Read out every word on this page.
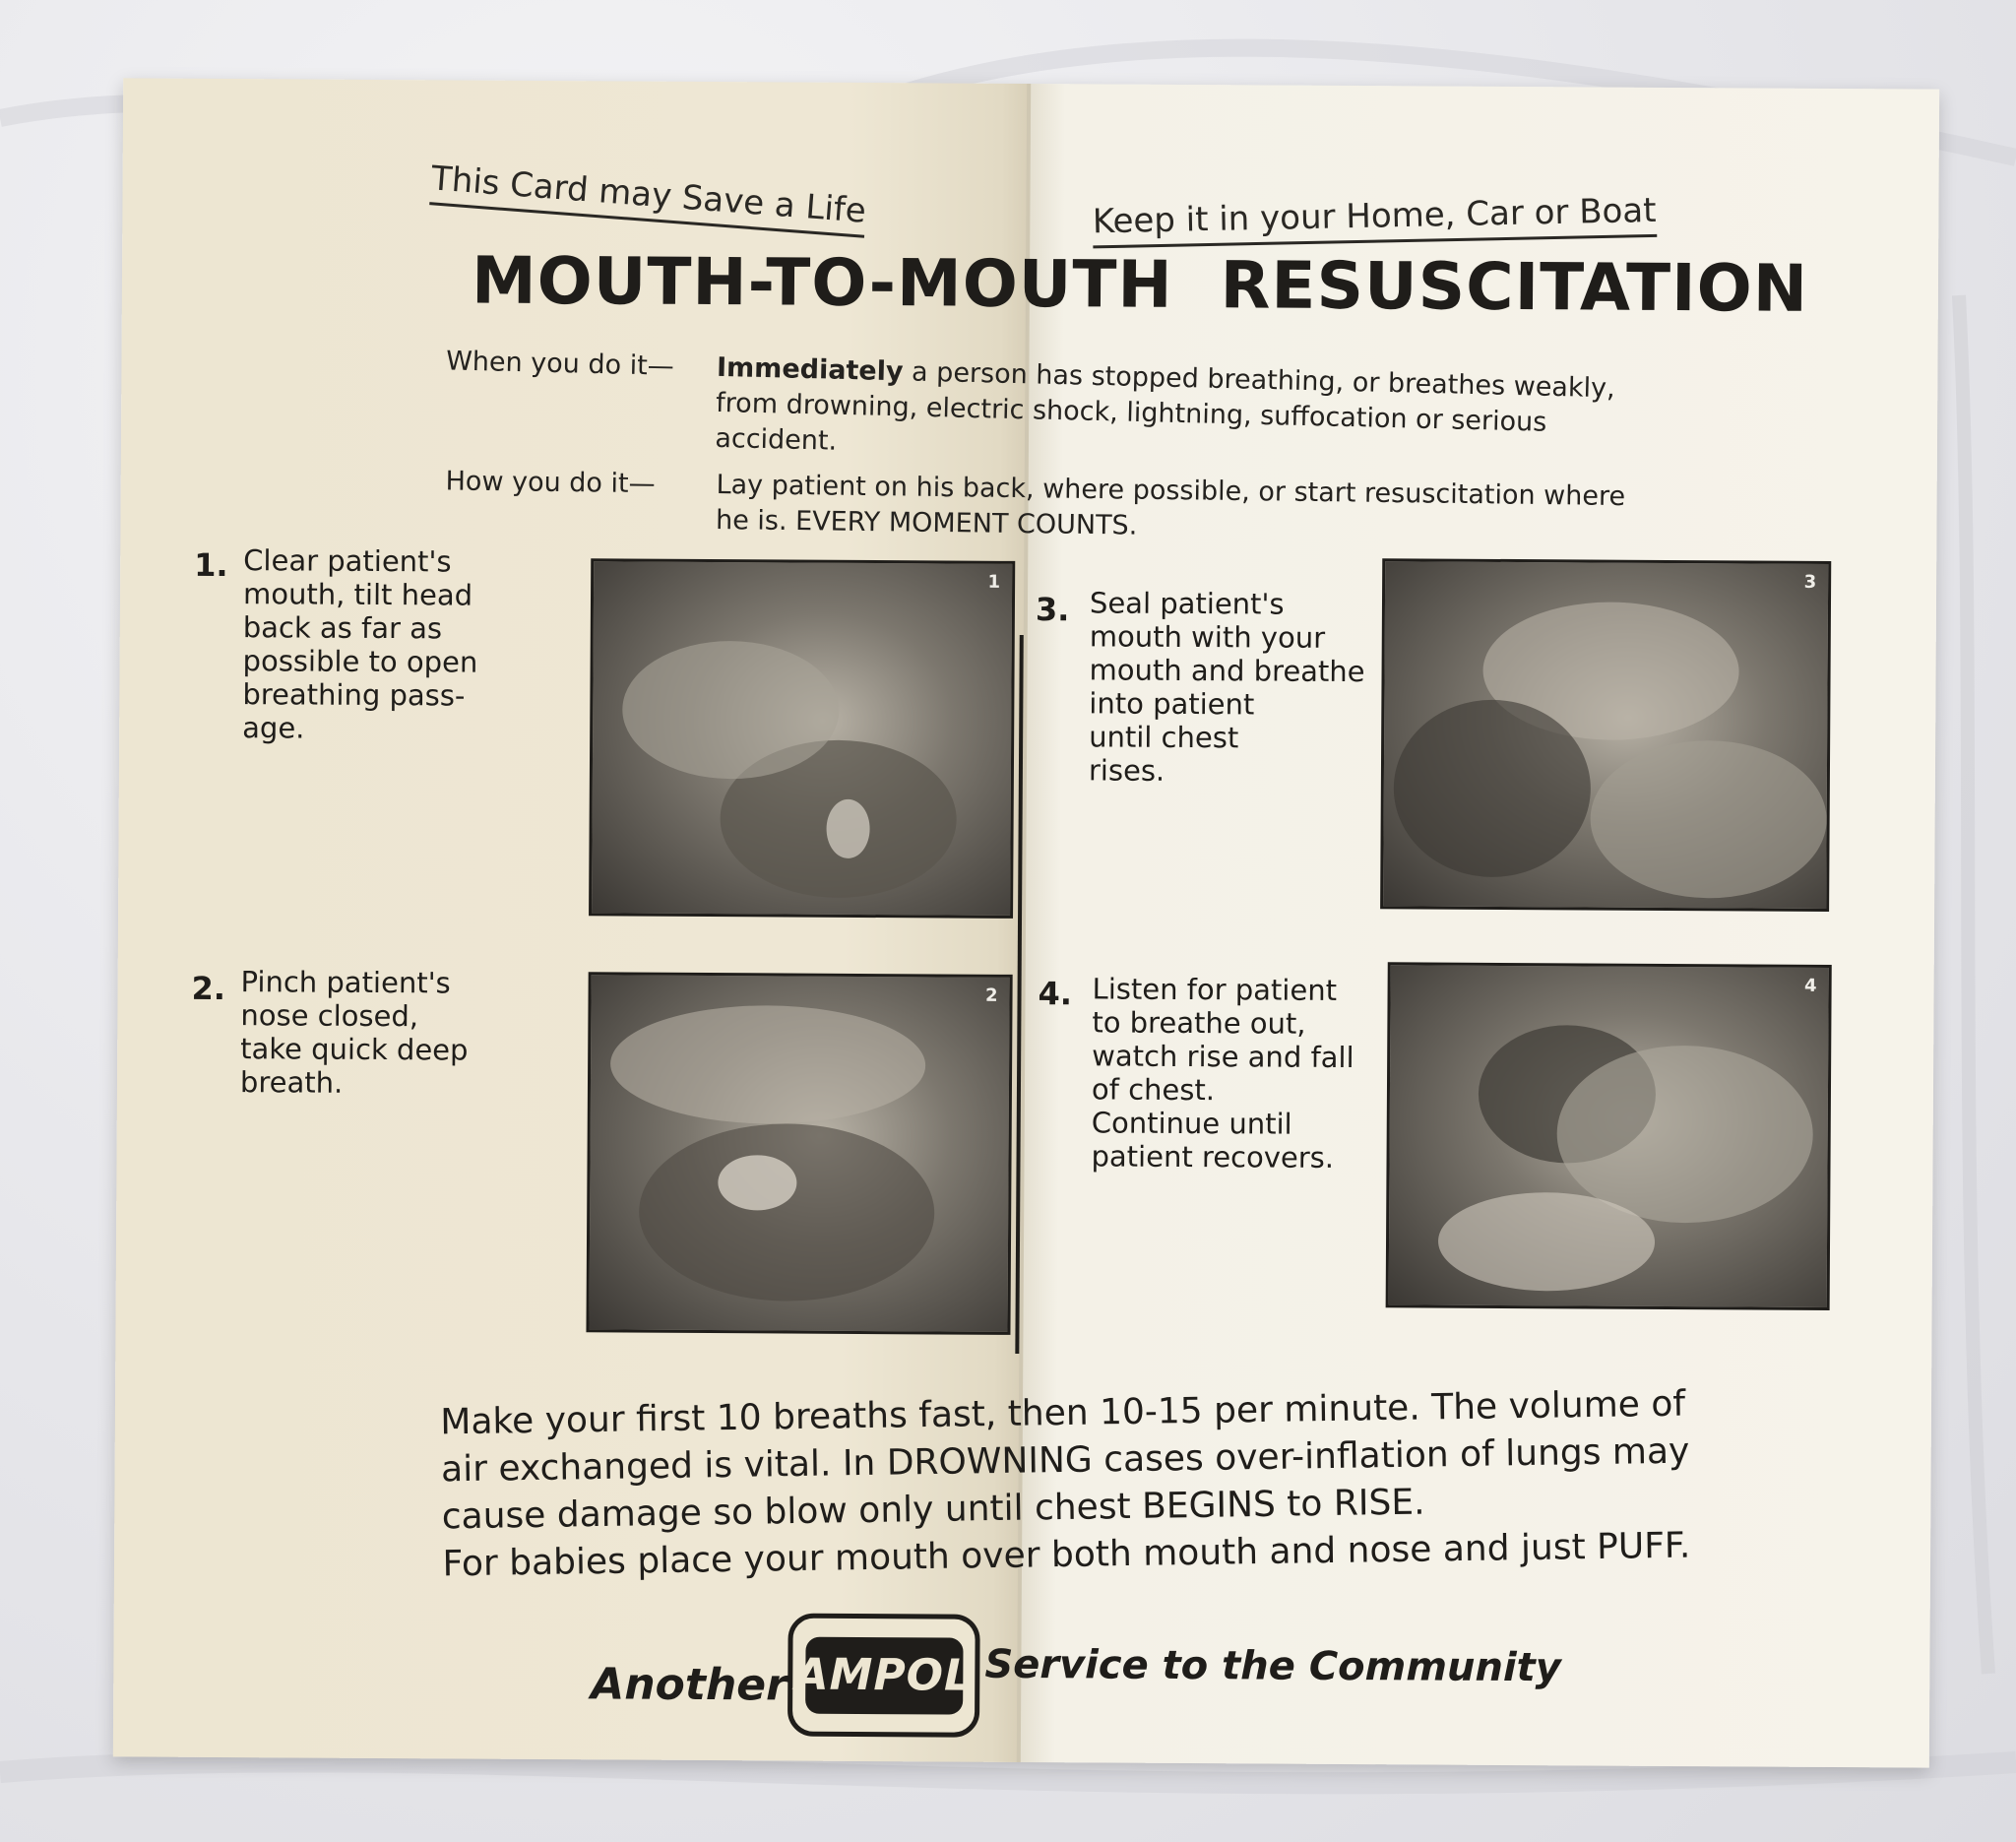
This Card may Save a Life	Keep it in your Home, Car or Boat
MOUTH-TO-MOUTH  RESUSCITATION
When you do it— Immediately a person has stopped breathing, or breathes weakly, from drowning, electric shock, lightning, suffocation or serious accident.
How you do it— Lay patient on his back, where possible, or start resuscitation where he is. EVERY MOMENT COUNTS.
1. Clear patient's
mouth, tilt head
back as far as
possible to open
breathing pass-
age.
1
2. Pinch patient's
nose closed,
take quick deep
breath.
2
3. Seal patient's
mouth with your
mouth and breathe
into patient
until chest
rises.
3
4. Listen for patient
to breathe out,
watch rise and fall
of chest.
Continue until
patient recovers.
4

Make your first 10 breaths fast, then 10-15 per minute. The volume of air exchanged is vital. In DROWNING cases over-inflation of lungs may cause damage so blow only until chest BEGINS to RISE.

For babies place your mouth over both mouth and nose and just PUFF.

Another AMPOL Service to the Community
